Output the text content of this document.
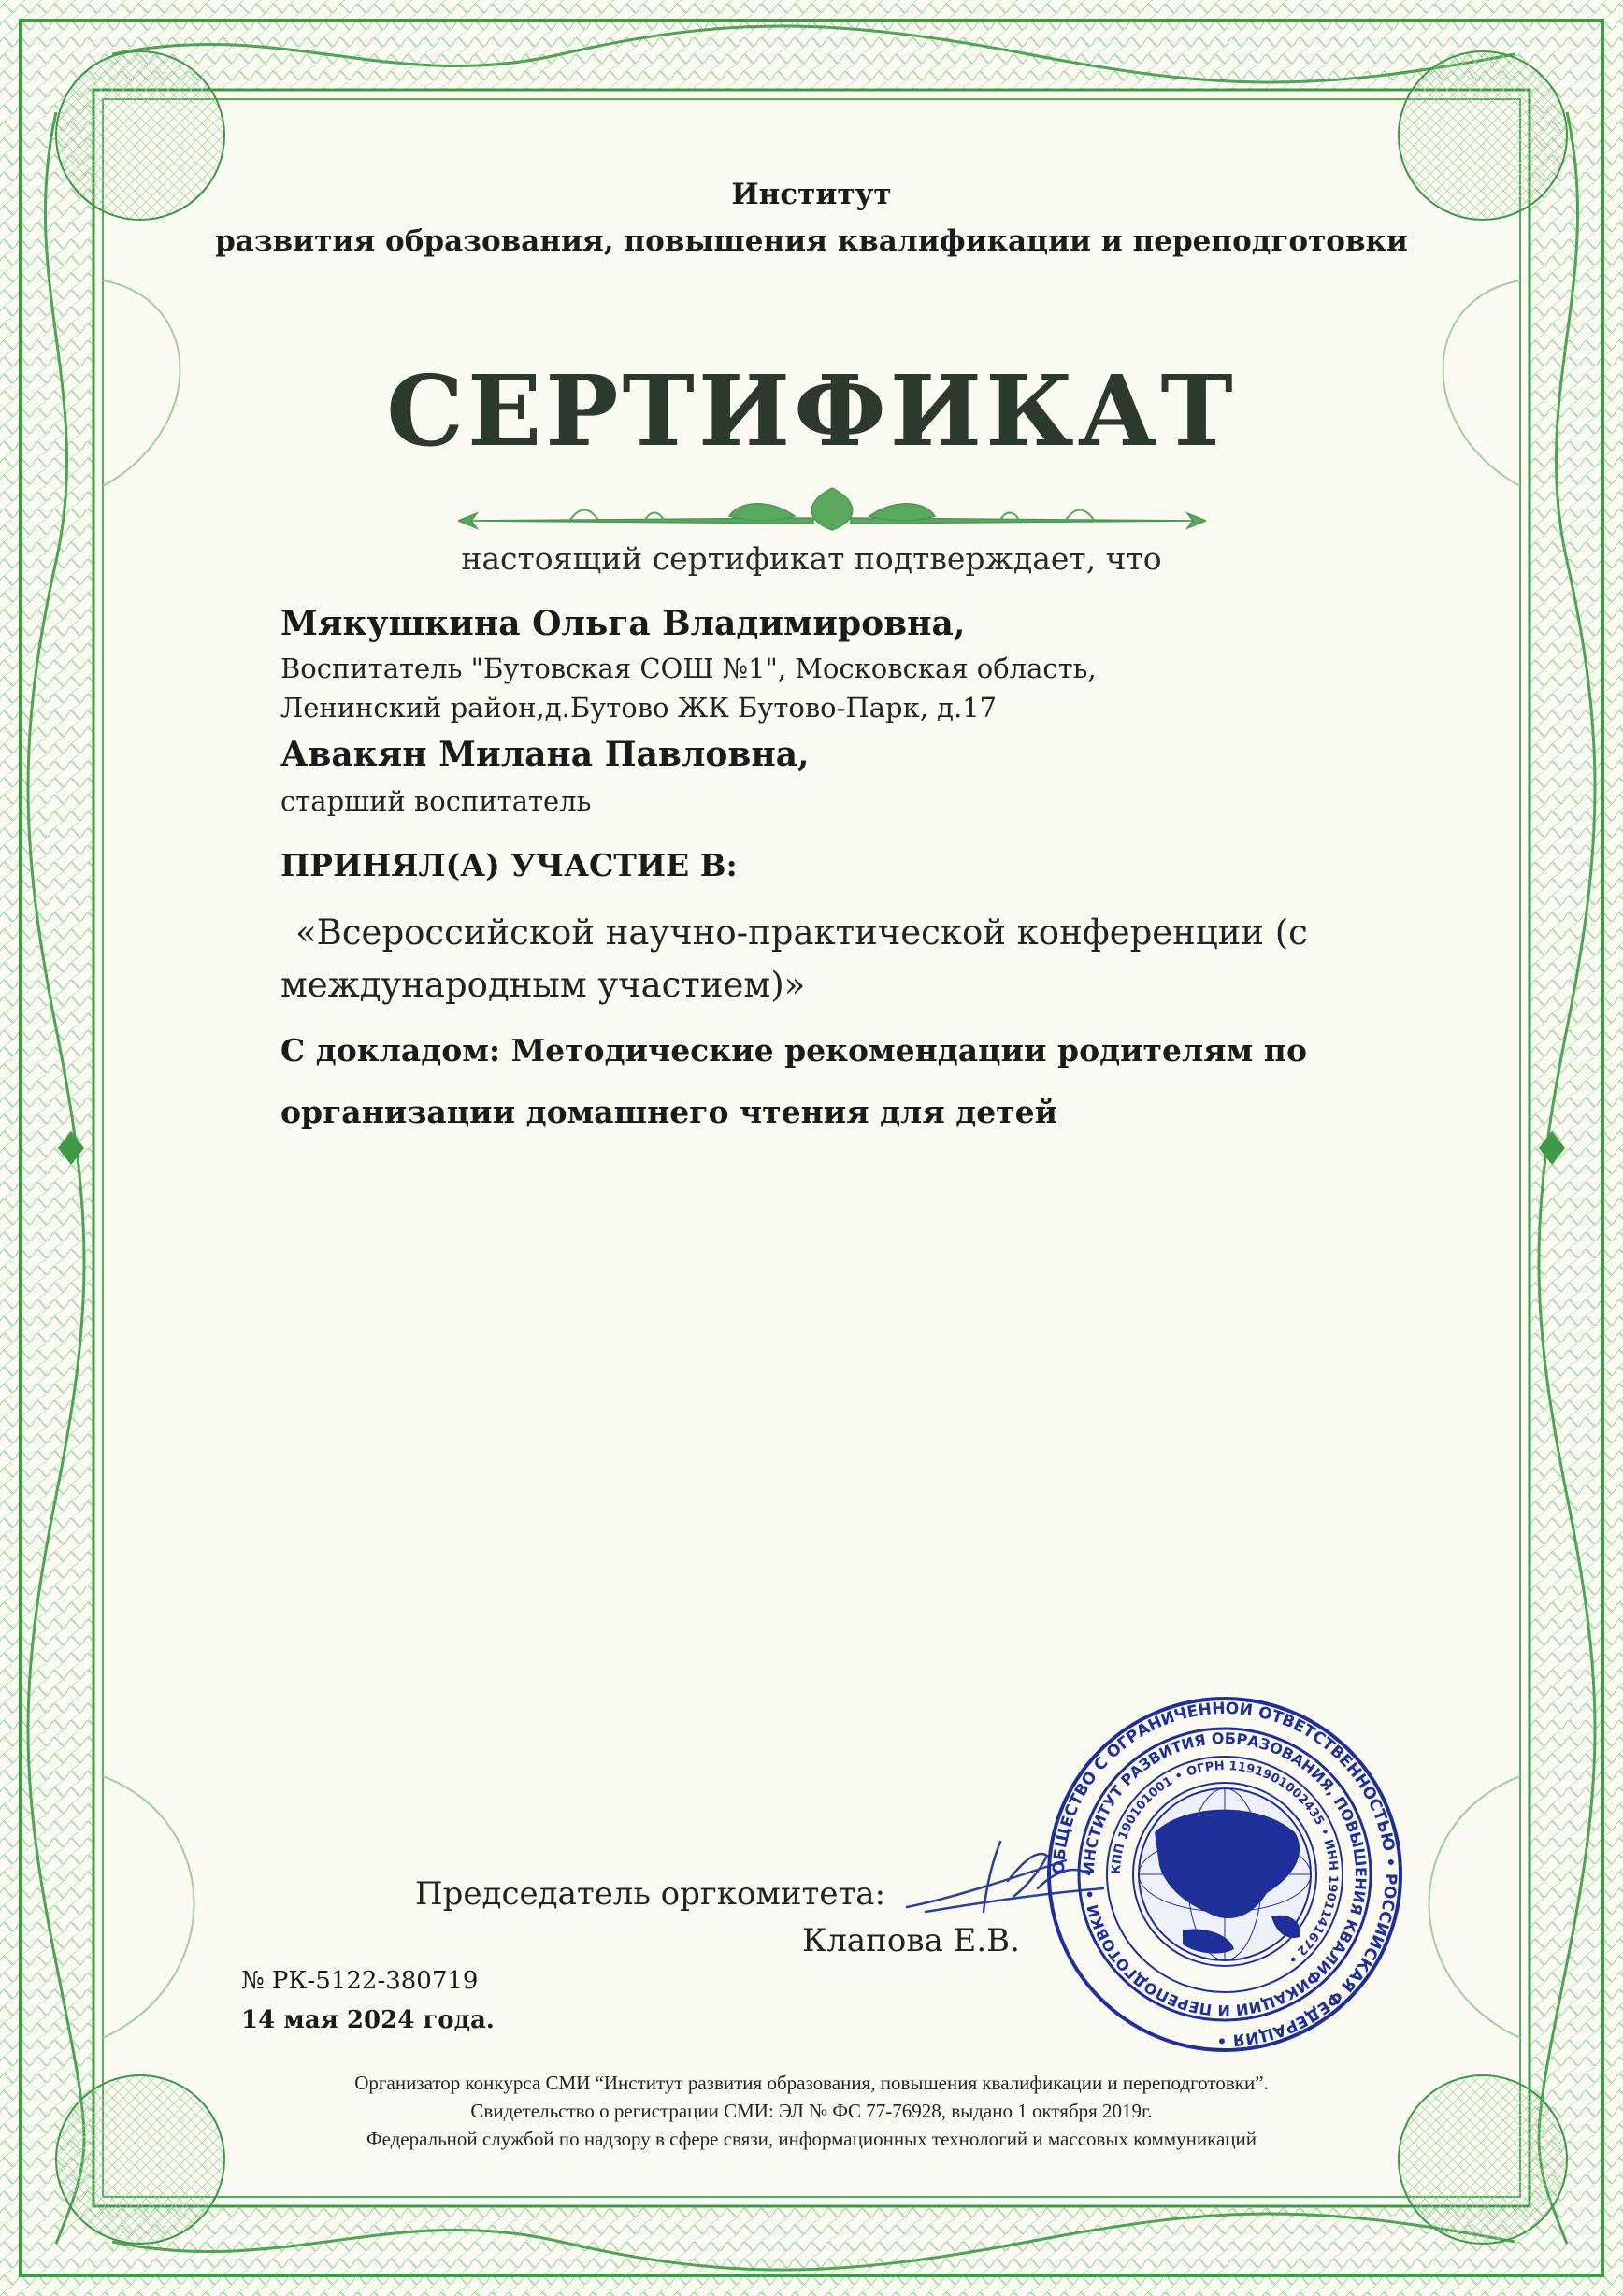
Институт
развития образования, повышения квалификации и переподготовки
СЕРТИФИКАТ
настоящий сертификат подтверждает, что
Мякушкина Ольга Владимировна,
Воспитатель "Бутовская СОШ №1", Московская область,
Ленинский район,д.Бутово ЖК Бутово-Парк, д.17
Авакян Милана Павловна,
старший воспитатель
ПРИНЯЛ(А) УЧАСТИЕ В:
«Всероссийской научно-практической конференции (с
международным участием)»
С докладом: Методические рекомендации родителям по
организации домашнего чтения для детей
Председатель оргкомитета:
Клапова Е.В.
№ РК-5122-380719
14 мая 2024 года.
ОБЩЕСТВО С ОГРАНИЧЕННОЙ ОТВЕТСТВЕННОСТЬЮ • РОССИЙСКАЯ ФЕДЕРАЦИЯ •
ИНСТИТУТ РАЗВИТИЯ ОБРАЗОВАНИЯ, ПОВЫШЕНИЯ КВАЛИФИКАЦИИ И ПЕРЕПОДГОТОВКИ •
КПП 190101001 • ОГРН 1191901002435 • ИНН 1901141672 •
Организатор конкурса СМИ “Институт развития образования, повышения квалификации и переподготовки”.
Свидетельство о регистрации СМИ: ЭЛ № ФС 77-76928, выдано 1 октября 2019г.
Федеральной службой по надзору в сфере связи, информационных технологий и массовых коммуникаций
